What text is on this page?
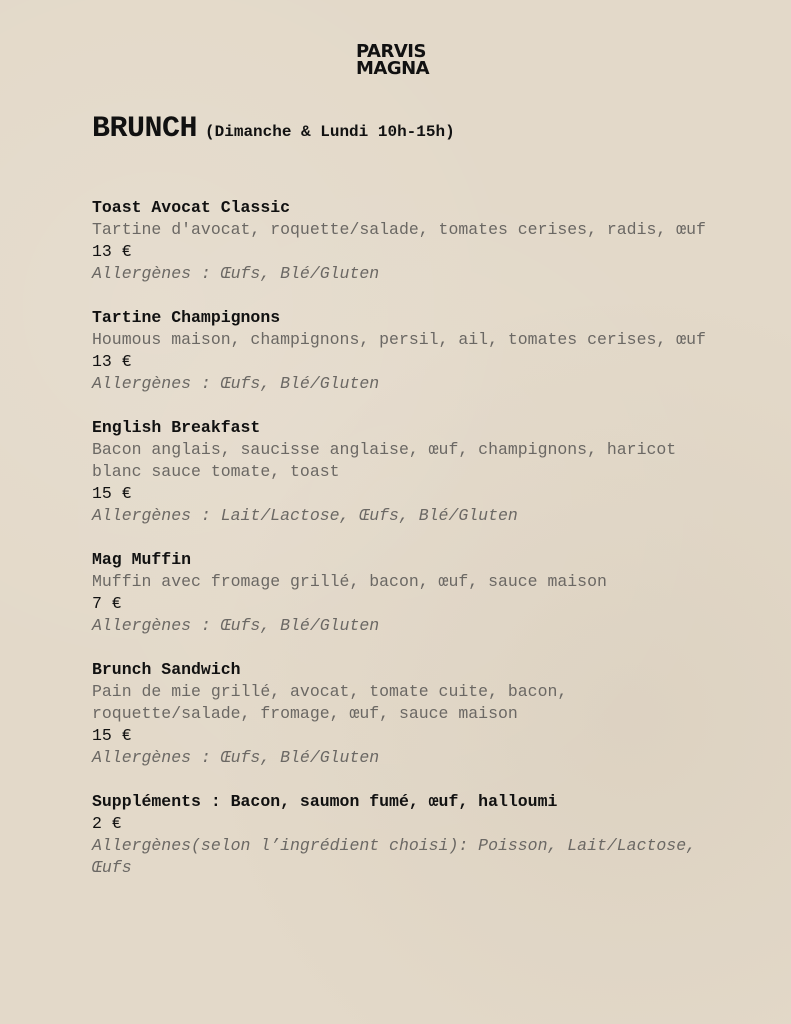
PARVIS
MAGNA
BRUNCH (Dimanche & Lundi 10h-15h)
Toast Avocat Classic
Tartine d'avocat, roquette/salade, tomates cerises, radis, œuf
13 €
Allergènes : Œufs, Blé/Gluten
Tartine Champignons
Houmous maison, champignons, persil, ail, tomates cerises, œuf
13 €
Allergènes : Œufs, Blé/Gluten
English Breakfast
Bacon anglais, saucisse anglaise, œuf, champignons, haricot blanc sauce tomate, toast
15 €
Allergènes : Lait/Lactose, Œufs, Blé/Gluten
Mag Muffin
Muffin avec fromage grillé, bacon, œuf, sauce maison
7 €
Allergènes : Œufs, Blé/Gluten
Brunch Sandwich
Pain de mie grillé, avocat, tomate cuite, bacon, roquette/salade, fromage, œuf, sauce maison
15 €
Allergènes : Œufs, Blé/Gluten
Suppléments : Bacon, saumon fumé, œuf, halloumi
2 €
Allergènes(selon l’ingrédient choisi): Poisson, Lait/Lactose, Œufs
